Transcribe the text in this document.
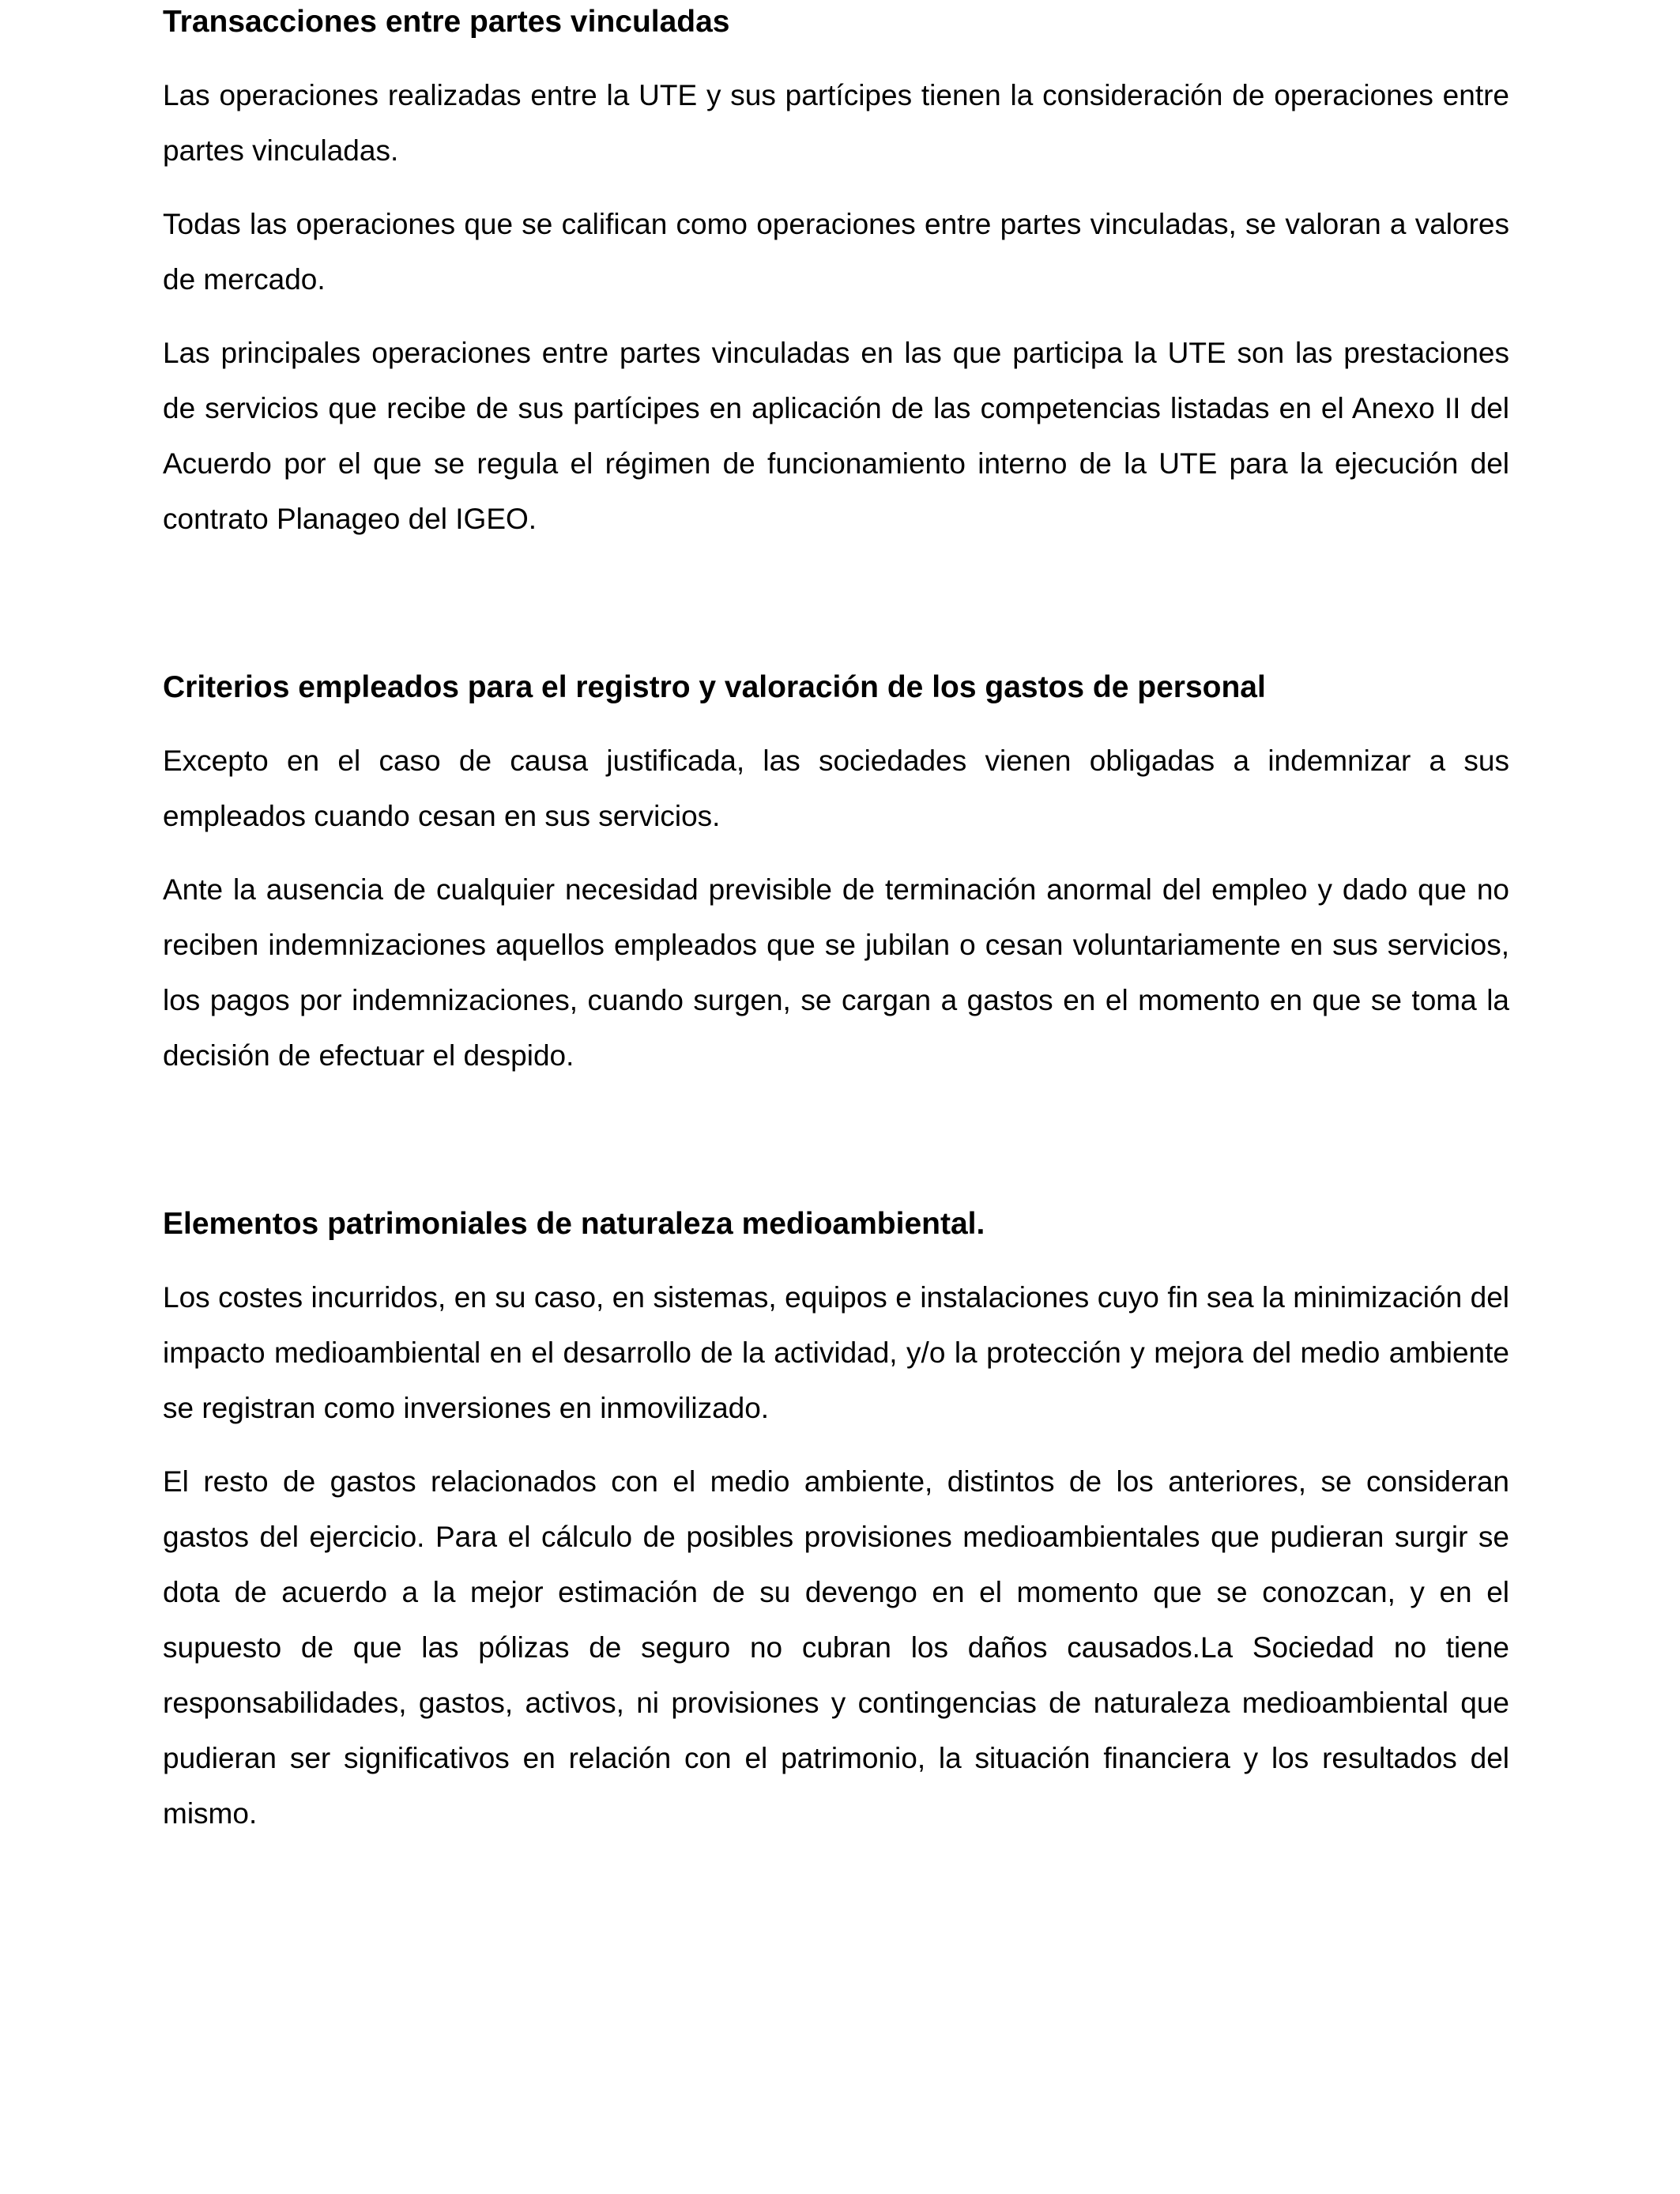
Transacciones entre partes vinculadas

Las operaciones realizadas entre la UTE y sus partícipes tienen la consideración de operaciones entre partes vinculadas.

Todas las operaciones que se califican como operaciones entre partes vinculadas, se valoran a valores de mercado.

Las principales operaciones entre partes vinculadas en las que participa la UTE son las prestaciones de servicios que recibe de sus partícipes en aplicación de las competencias listadas en el Anexo II del Acuerdo por el que se regula el régimen de funcionamiento interno de la UTE para la ejecución del contrato Planageo del IGEO.

Criterios empleados para el registro y valoración de los gastos de personal

Excepto en el caso de causa justificada, las sociedades vienen obligadas a indemnizar a sus empleados cuando cesan en sus servicios.

Ante la ausencia de cualquier necesidad previsible de terminación anormal del empleo y dado que no reciben indemnizaciones aquellos empleados que se jubilan o cesan voluntariamente en sus servicios, los pagos por indemnizaciones, cuando surgen, se cargan a gastos en el momento en que se toma la decisión de efectuar el despido.

Elementos patrimoniales de naturaleza medioambiental.

Los costes incurridos, en su caso, en sistemas, equipos e instalaciones cuyo fin sea la minimización del impacto medioambiental en el desarrollo de la actividad, y/o la protección y mejora del medio ambiente se registran como inversiones en inmovilizado.

El resto de gastos relacionados con el medio ambiente, distintos de los anteriores, se consideran gastos del ejercicio. Para el cálculo de posibles provisiones medioambientales que pudieran surgir se dota de acuerdo a la mejor estimación de su devengo en el momento que se conozcan, y en el supuesto de que las pólizas de seguro no cubran los daños causados.La Sociedad no tiene responsabilidades, gastos, activos, ni provisiones y contingencias de naturaleza medioambiental que pudieran ser significativos en relación con el patrimonio, la situación financiera y los resultados del mismo.
